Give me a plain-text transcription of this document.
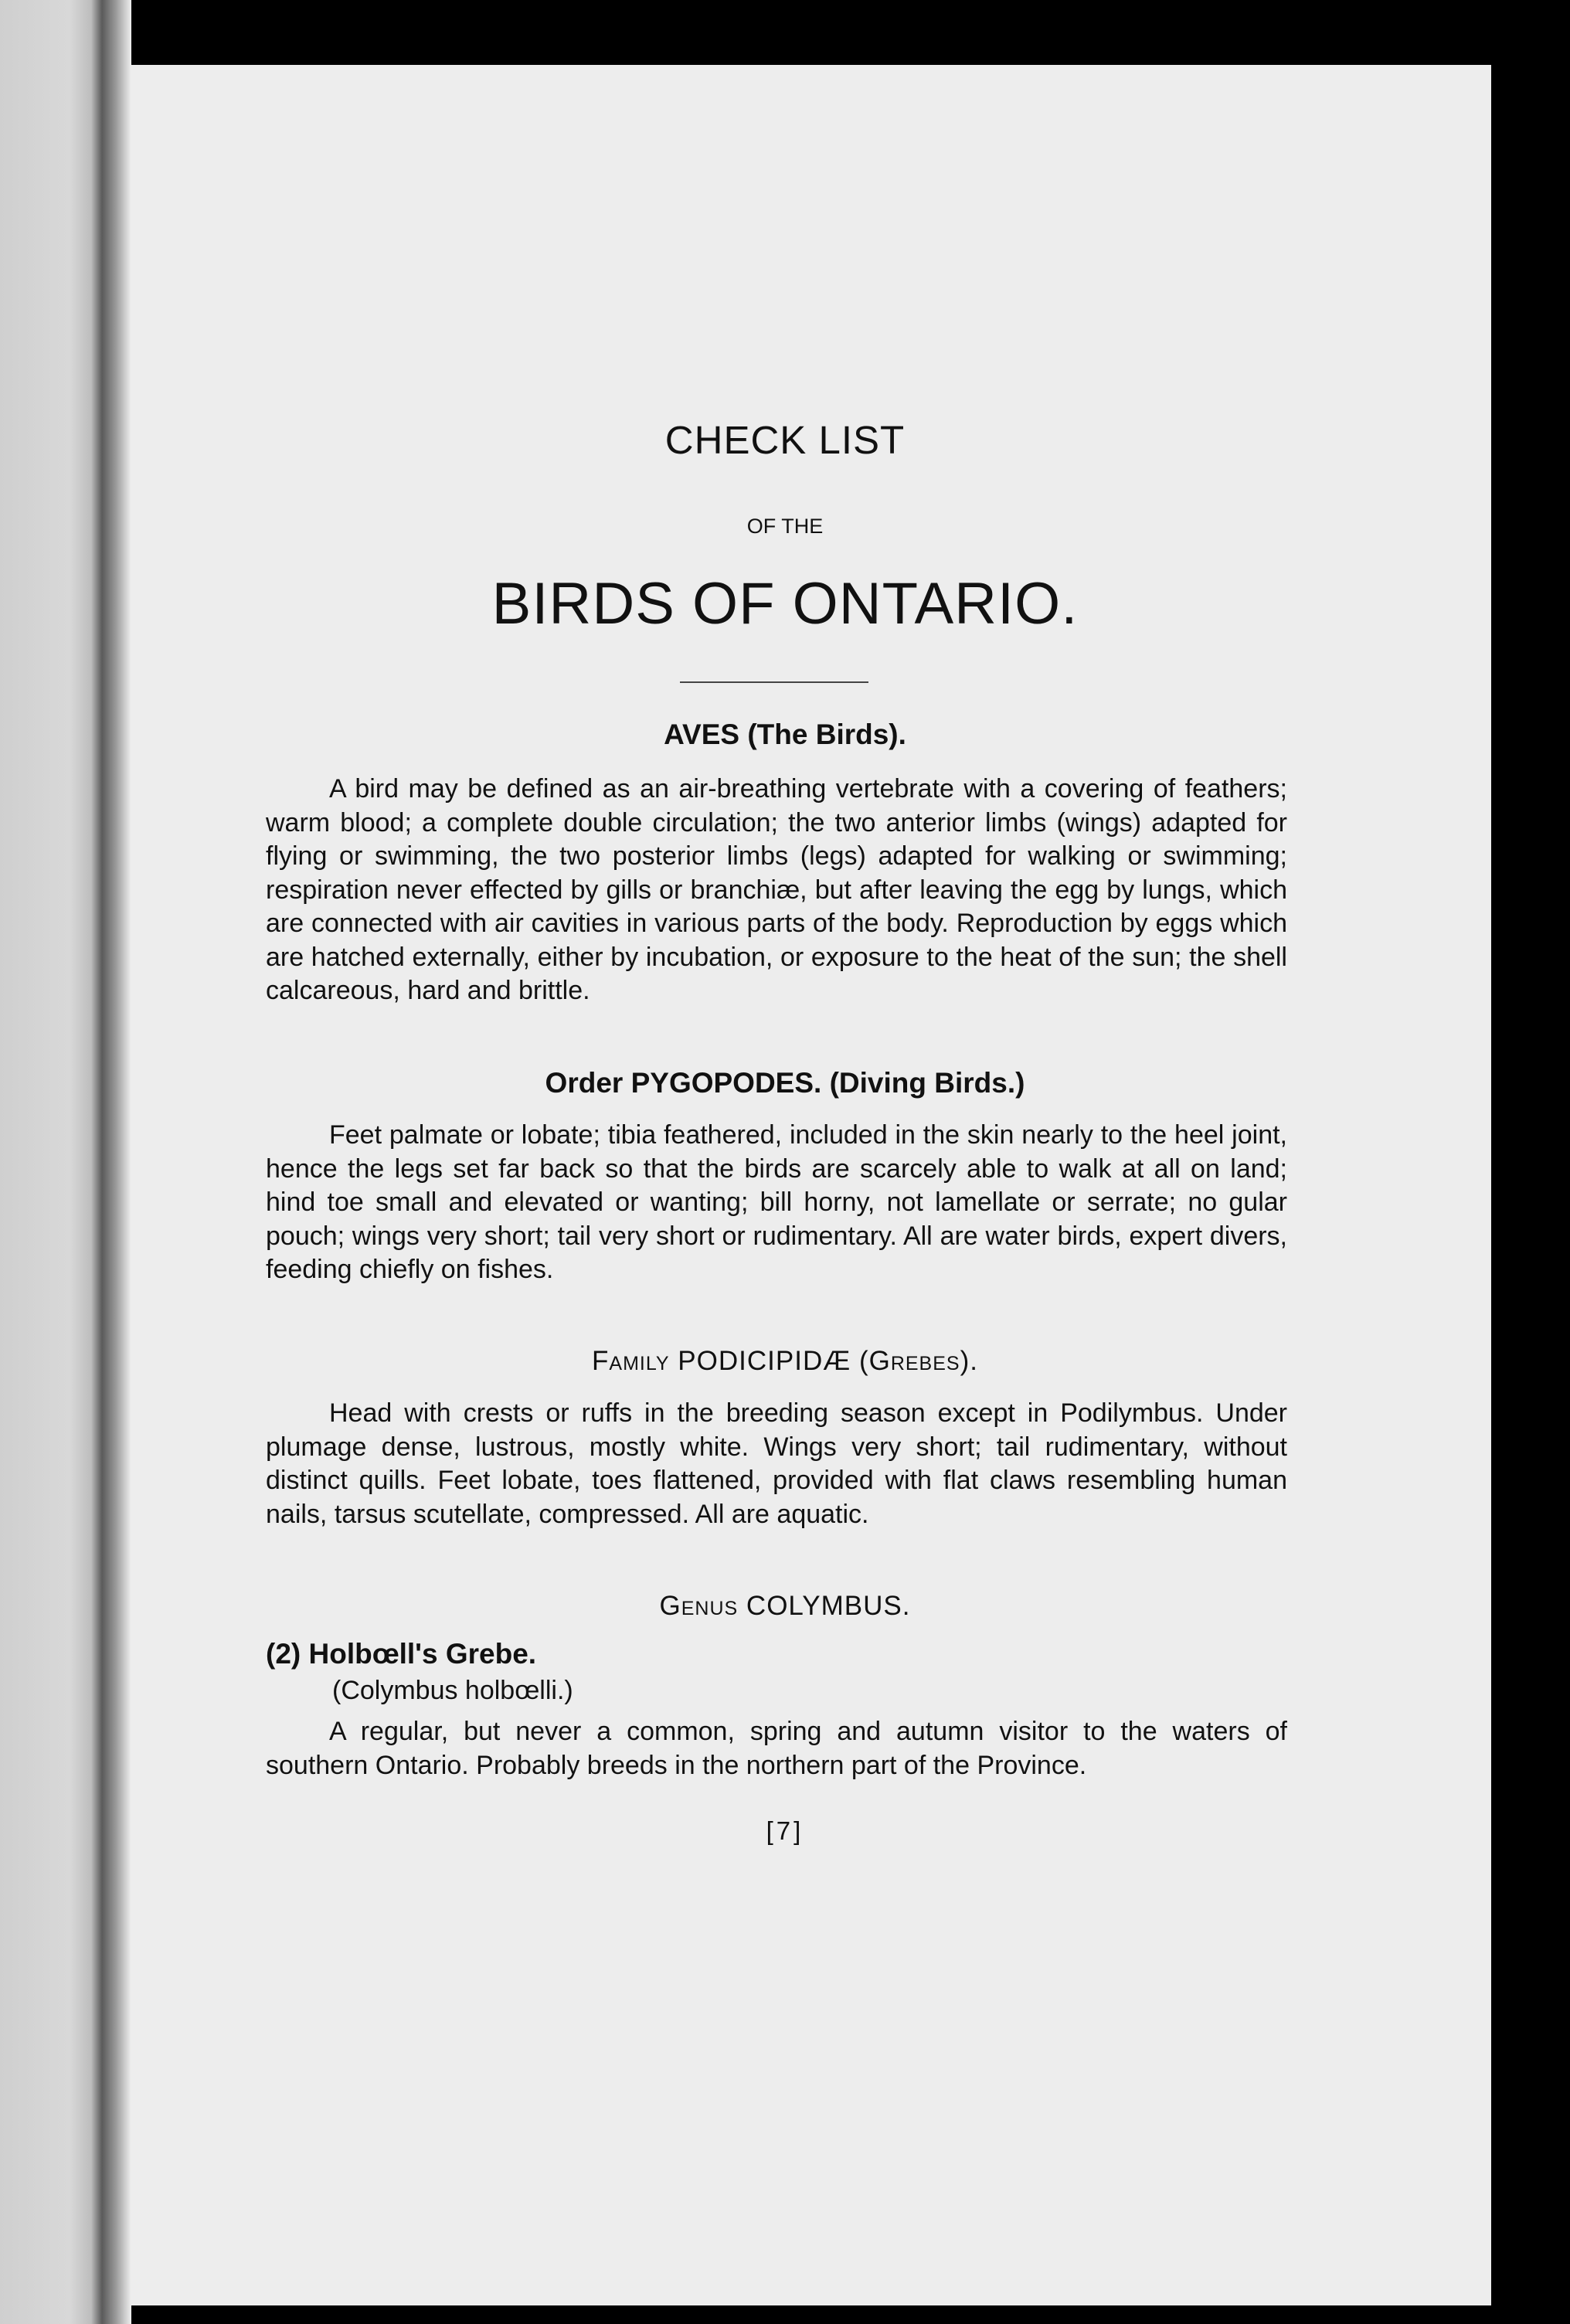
CHECK LIST
OF THE
BIRDS OF ONTARIO.
AVES (The Birds).
A bird may be defined as an air-breathing vertebrate with a covering of feathers; warm blood; a complete double circulation; the two anterior limbs (wings) adapted for flying or swimming, the two posterior limbs (legs) adapted for walking or swimming; respiration never effected by gills or branchiæ, but after leaving the egg by lungs, which are connected with air cavities in various parts of the body. Reproduction by eggs which are hatched externally, either by incubation, or exposure to the heat of the sun; the shell calcareous, hard and brittle.
Order PYGOPODES. (Diving Birds.)
Feet palmate or lobate; tibia feathered, included in the skin nearly to the heel joint, hence the legs set far back so that the birds are scarcely able to walk at all on land; hind toe small and elevated or wanting; bill horny, not lamellate or serrate; no gular pouch; wings very short; tail very short or rudimentary. All are water birds, expert divers, feeding chiefly on fishes.
Family PODICIPIDÆ (Grebes).
Head with crests or ruffs in the breeding season except in Podilymbus. Under plumage dense, lustrous, mostly white. Wings very short; tail rudimentary, without distinct quills. Feet lobate, toes flattened, provided with flat claws resembling human nails, tarsus scutellate, compressed. All are aquatic.
Genus COLYMBUS.
(2) Holbœll's Grebe.
(Colymbus holbœlli.)
A regular, but never a common, spring and autumn visitor to the waters of southern Ontario. Probably breeds in the northern part of the Province.
[7]
